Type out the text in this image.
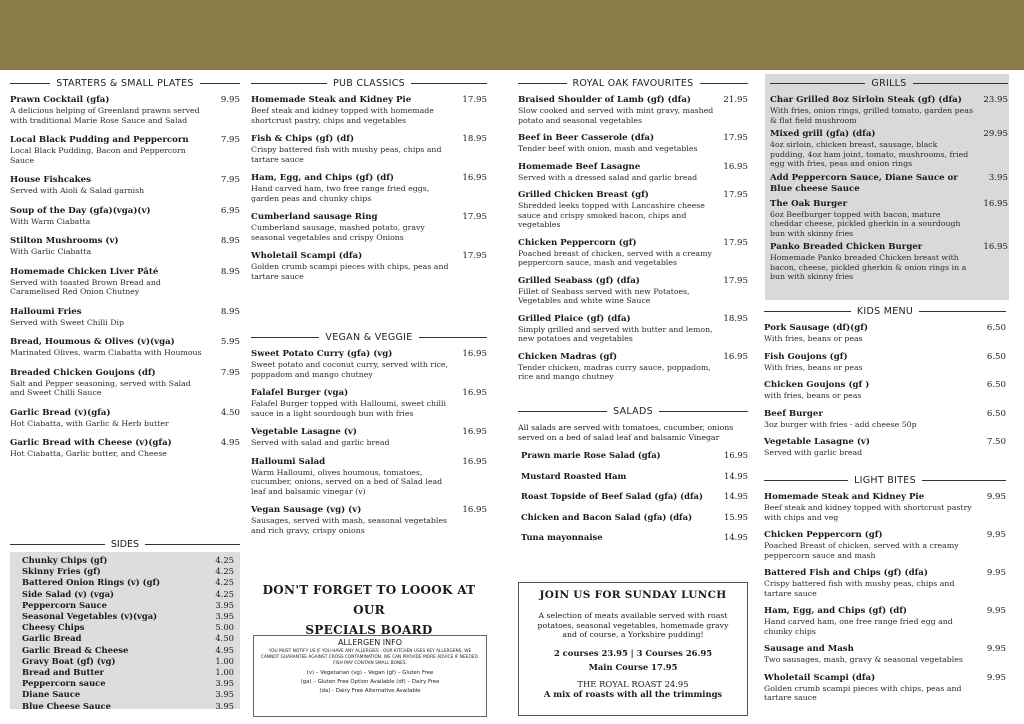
STARTERS & SMALL PLATES
Prawn Cocktail (gfa)
A delicious helping of Greenland prawns served with traditional Marie Rose Sauce and Salad
9.95
Local Black Pudding and Peppercorn
Local Black Pudding, Bacon and Peppercorn Sauce
7.95
House Fishcakes
Served with Aioli & Salad garnish
7.95
Soup of the Day (gfa)(vga)(v)
With Warm Ciabatta
6.95
Stilton Mushrooms (v)
With Garlic Ciabatta
8.95
Homemade Chicken Liver Pâté
Served with toasted Brown Bread and Caramelised Red Onion Chutney
8.95
Halloumi Fries
Served with Sweet Chilli Dip
8.95
Bread, Houmous & Olives (v)(vga)
Marinated Olives, warm Ciabatta with Houmous
5.95
Breaded Chicken Goujons (df)
Salt and Pepper seasoning, served with Salad and Sweet Chilli Sauce
7.95
Garlic Bread (v)(gfa)
Hot Ciabatta, with Garlic & Herb butter
4.50
Garlic Bread with Cheese (v)(gfa)
Hot Ciabatta, Garlic butter, and Cheese
4.95
SIDES
Chunky Chips (gf)	4.25
Skinny Fries (gf)	4.25
Battered Onion Rings (v) (gf)	4.25
Side Salad (v) (vga)	4.25
Peppercorn Sauce	3.95
Seasonal Vegetables (v)(vga)	3.95
Cheesy Chips	5.00
Garlic Bread	4.50
Garlic Bread & Cheese	4.95
Gravy Boat (gf) (vg)	1.00
Bread and Butter	1.00
Peppercorn sauce	3.95
Diane Sauce	3.95
Blue Cheese Sauce	3.95
PUB CLASSICS
Homemade Steak and Kidney Pie
Beef steak and kidney topped with homemade shortcrust pastry, chips and vegetables
17.95
Fish & Chips (gf) (df)
Crispy battered fish with mushy peas, chips and tartare sauce
18.95
Ham, Egg, and Chips (gf) (df)
Hand carved ham, two free range fried eggs, garden peas and chunky chips
16.95
Cumberland sausage Ring
Cumberland sausage, mashed potato, gravy seasonal vegetables and crispy Onions
17.95
Wholetail Scampi (dfa)
Golden crumb scampi pieces with chips, peas and tartare sauce
17.95
VEGAN & VEGGIE
Sweet Potato Curry (gfa) (vg)
Sweet potato and coconut curry, served with rice, poppadom and mango chutney
16.95
Falafel Burger (vga)
Falafel Burger topped with Halloumi, sweet chilli sauce in a light sourdough bun with fries
16.95
Vegetable Lasagne (v)
Served with salad and garlic bread
16.95
Halloumi Salad
Warm Halloumi, olives houmous, tomatoes, cucumber, onions, served on a bed of Salad lead leaf and balsamic vinegar (v)
16.95
Vegan Sausage (vg) (v)
Sausages, served with mash, seasonal vegetables and rich gravy, crispy onions
16.95
DON'T FORGET TO LOOOK AT OUR
SPECIALS BOARD
ALLERGEN INFO
YOU MUST NOTIFY US IF YOU HAVE ANY ALLERGIES - OUR KITCHEN USES KEY ALLERGENS, WE CANNOT GUARANTEE AGAINST CROSS CONTAMINATION. WE CAN PROVIDE MORE ADVICE IF NEEDED. FISH MAY CONTAIN SMALL BONES.
(v) – Vegetarian (vg) – Vegan (gf) – Gluten Free
(ga) – Gluten Free Option Available (df) – Dairy Free
(da) - Dairy Free Alternative Available
ROYAL OAK FAVOURITES
Braised Shoulder of Lamb (gf) (dfa)
Slow cooked and served with mint gravy, mashed potato and seasonal vegetables
21.95
Beef in Beer Casserole (dfa)
Tender beef with onion, mash and vegetables
17.95
Homemade Beef Lasagne
Served with a dressed salad and garlic bread
16.95
Grilled Chicken Breast (gf)
Shredded leeks topped with Lancashire cheese sauce and crispy smoked bacon, chips and vegetables
17.95
Chicken Peppercorn (gf)
Poached breast of chicken, served with a creamy peppercorn sauce, mash and vegetables
17.95
Grilled Seabass (gf) (dfa)
Fillet of Seabass served with new Potatoes, Vegetables and white wine Sauce
17.95
Grilled Plaice (gf) (dfa)
Simply grilled and served with butter and lemon, new potatoes and vegetables
18.95
Chicken Madras (gf)
Tender chicken, madras curry sauce, poppadom, rice and mango chutney
16.95
SALADS
All salads are served with tomatoes, cucumber, onions served on a bed of salad leaf and balsamic Vinegar
Prawn marie Rose Salad (gfa)	16.95
Mustard Roasted Ham	14.95
Roast Topside of Beef Salad (gfa) (dfa)	14.95
Chicken and Bacon Salad (gfa) (dfa)	15.95
Tuna mayonnaise	14.95
JOIN US FOR SUNDAY LUNCH
A selection of meats available served with roast potatoes, seasonal vegetables, homemade gravy and of course, a Yorkshire pudding!
2 courses 23.95 | 3 Courses 26.95
Main Course 17.95
THE ROYAL ROAST 24.95
A mix of roasts with all the trimmings
GRILLS
Char Grilled 8oz Sirloin Steak (gf) (dfa)
With fries, onion rings, grilled tomato, garden peas & flat field mushroom
23.95
Mixed grill (gfa) (dfa)
4oz sirloin, chicken breast, sausage, black pudding, 4oz ham joint, tomato, mushrooms, fried egg with fries, peas and onion rings
29.95
Add Peppercorn Sauce, Diane Sauce or Blue cheese Sauce
3.95
The Oak Burger
6oz Beefburger topped with bacon, mature cheddar cheese, pickled gherkin in a sourdough bun with skinny fries
16.95
Panko Breaded Chicken Burger
Homemade Panko breaded Chicken breast with bacon, cheese, pickled gherkin & onion rings in a bun with skinny fries
16.95
KIDS MENU
Pork Sausage (df)(gf)
With fries, beans or peas
6.50
Fish Goujons (gf)
With fries, beans or peas
6.50
Chicken Goujons (gf )
with fries, beans or peas
6.50
Beef Burger
3oz burger with fries - add cheese 50p
6.50
Vegetable Lasagne (v)
Served with garlic bread
7.50
LIGHT BITES
Homemade Steak and Kidney Pie
Beef steak and kidney topped with shortcrust pastry with chips and veg
9.95
Chicken Peppercorn (gf)
Poached Breast of chicken, served with a creamy peppercorn sauce and mash
9.95
Battered Fish and Chips (gf) (dfa)
Crispy battered fish with mushy peas, chips and tartare sauce
9.95
Ham, Egg, and Chips (gf) (df)
Hand carved ham, one free range fried egg and chunky chips
9.95
Sausage and Mash
Two sausages, mash, gravy & seasonal vegetables
9.95
Wholetail Scampi (dfa)
Golden crumb scampi pieces with chips, peas and tartare sauce
9.95
